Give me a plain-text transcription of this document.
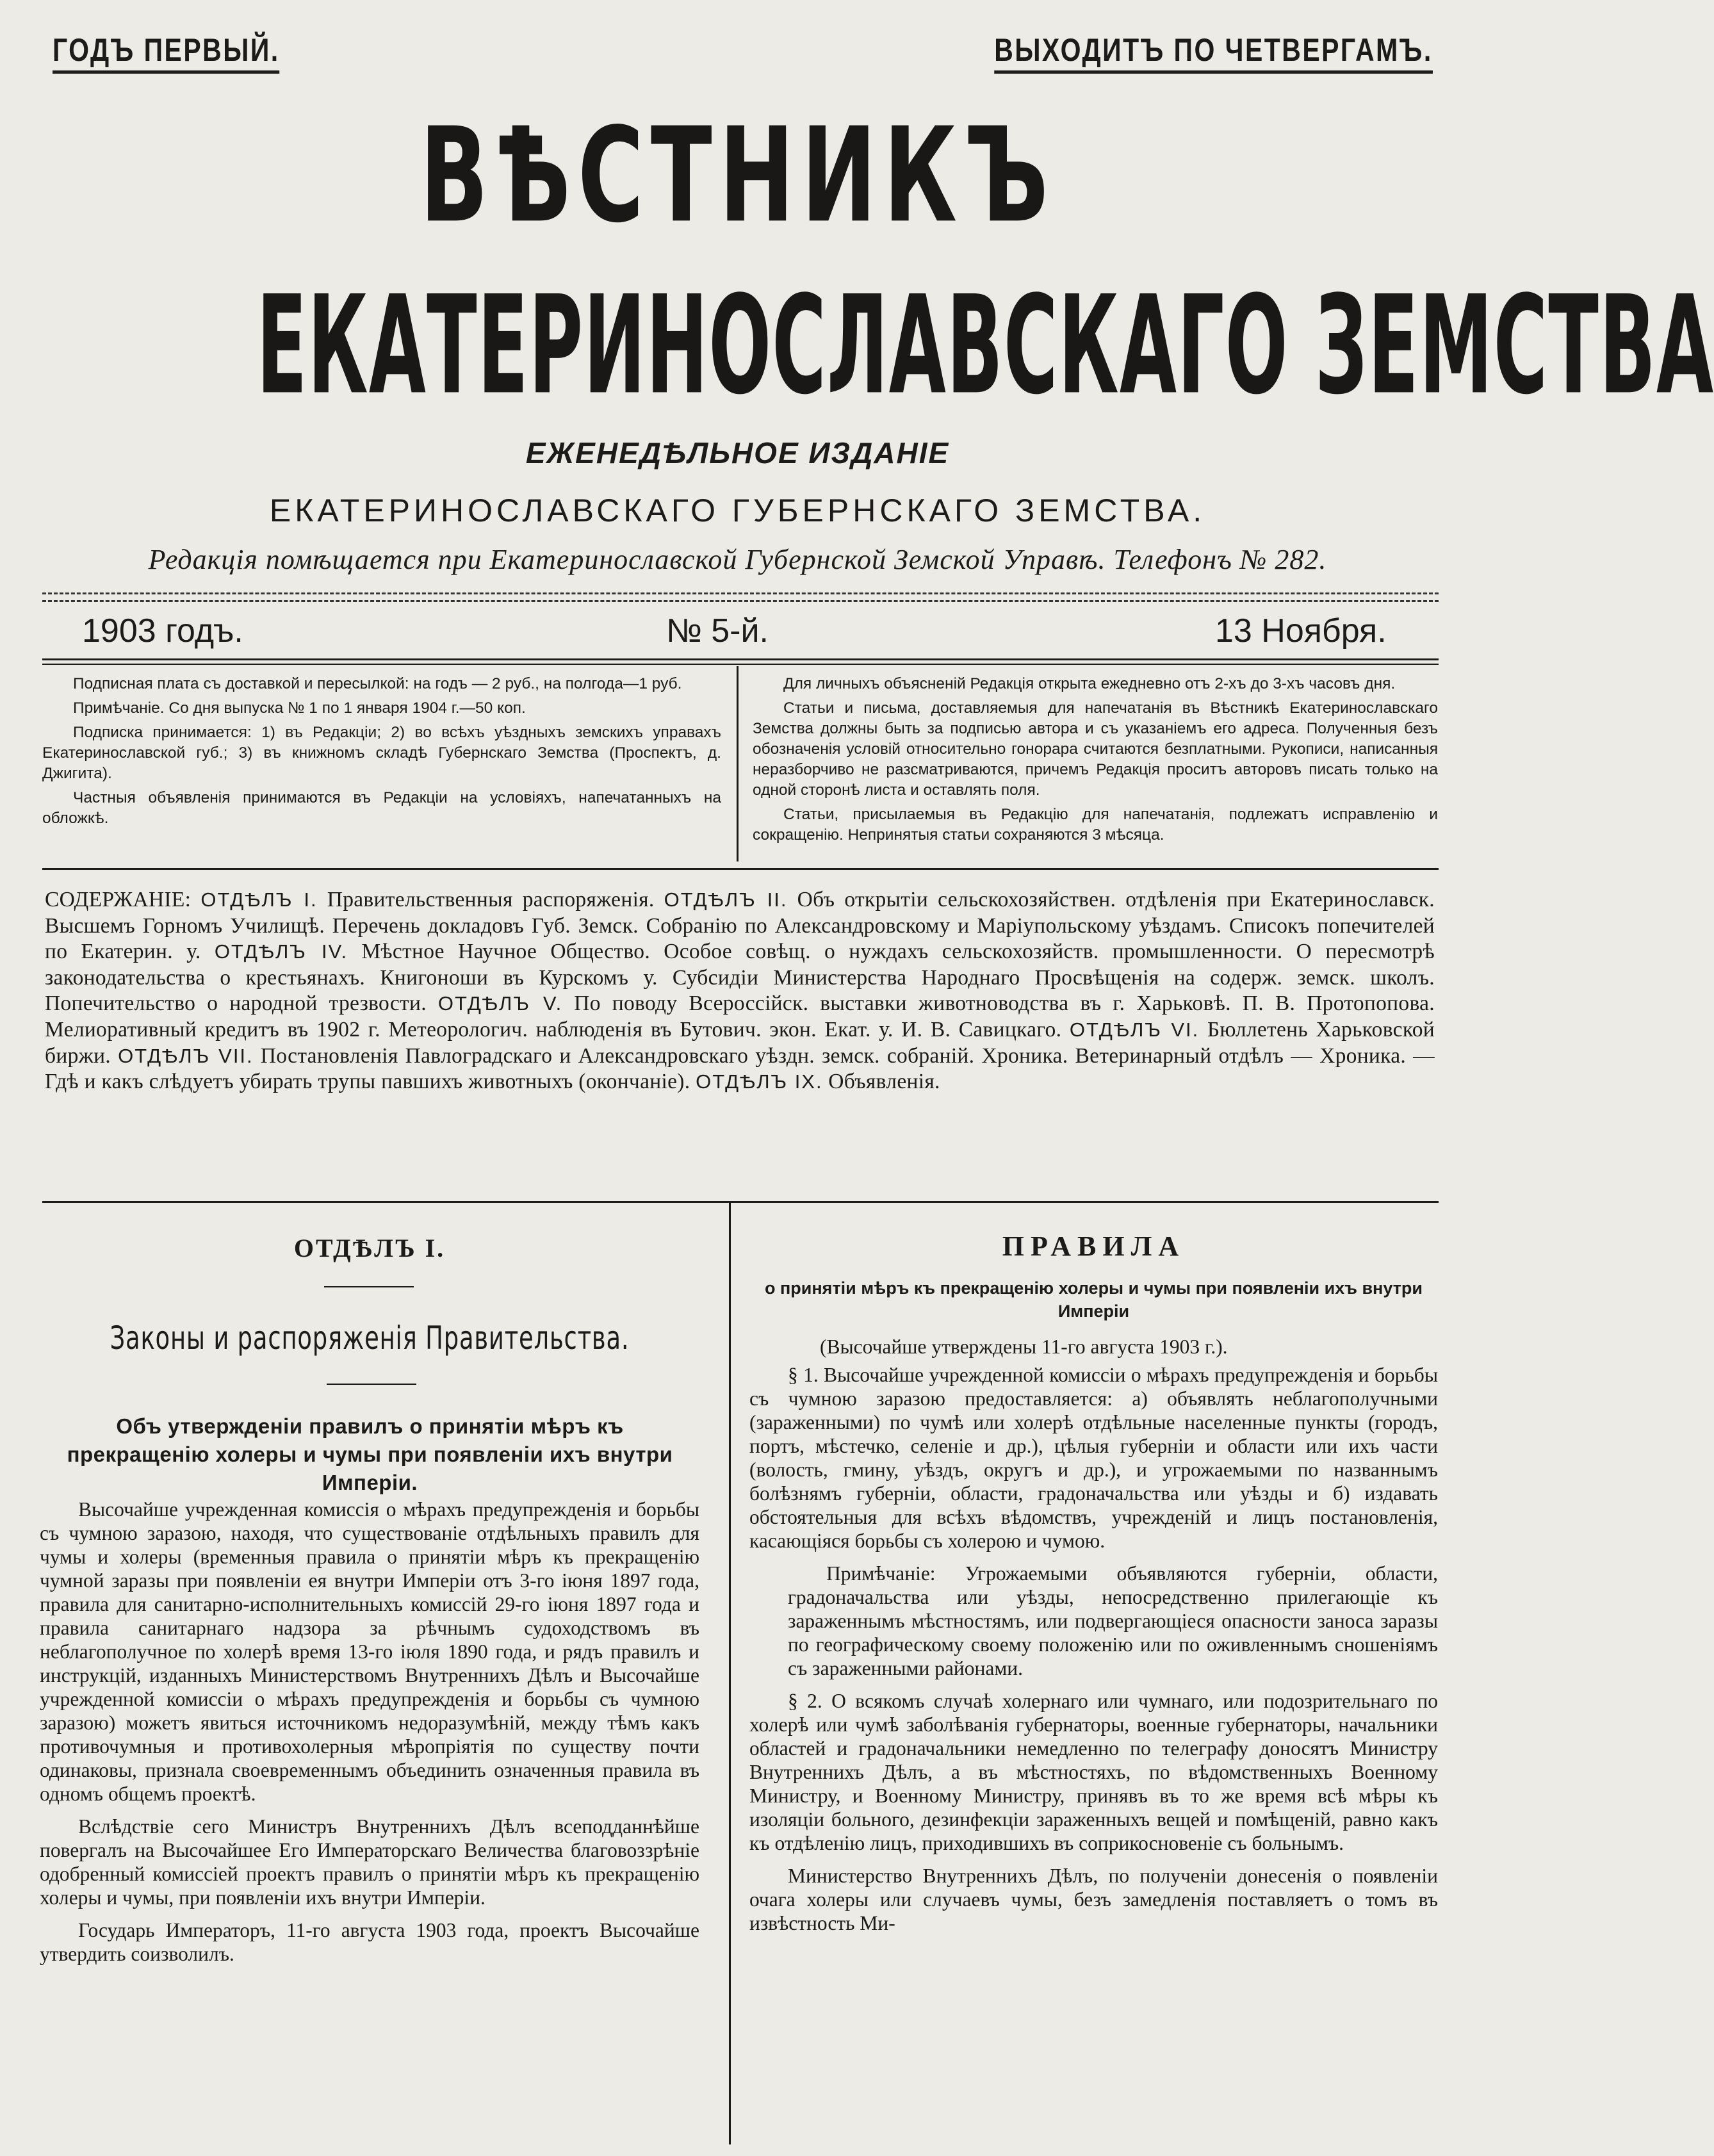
ГОДЪ ПЕРВЫЙ.	ВЫХОДИТЪ ПО ЧЕТВЕРГАМЪ.
ВѢСТНИКЪ
ЕКАТЕРИНОСЛАВСКАГО ЗЕМСТВА
ЕЖЕНЕДѢЛЬНОЕ ИЗДАНІЕ
ЕКАТЕРИНОСЛАВСКАГО ГУБЕРНСКАГО ЗЕМСТВА.
Редакція помѣщается при Екатеринославской Губернской Земской Управѣ. Телефонъ № 282.
1903 годъ.	№ 5-й.	13 Ноября.

Подписная плата съ доставкой и пересылкой: на годъ — 2 руб., на полгода—1 руб.

Примѣчаніе. Со дня выпуска № 1 по 1 января 1904 г.—50 коп.

Подписка принимается: 1) въ Редакціи; 2) во всѣхъ уѣздныхъ земскихъ управахъ Екатеринославской губ.; 3) въ книжномъ складѣ Губернскаго Земства (Проспектъ, д. Джигита).

Частныя объявленія принимаются въ Редакціи на условіяхъ, напечатанныхъ на обложкѣ.

Для личныхъ объясненій Редакція открыта ежедневно отъ 2-хъ до 3-хъ часовъ дня.

Статьи и письма, доставляемыя для напечатанія въ Вѣстникѣ Екатеринославскаго Земства должны быть за подписью автора и съ указаніемъ его адреса. Полученныя безъ обозначенія условій относительно гонорара считаются безплатными. Рукописи, написанныя неразборчиво не разсматриваются, причемъ Редакція проситъ авторовъ писать только на одной сторонѣ листа и оставлять поля.

Статьи, присылаемыя въ Редакцію для напечатанія, подлежатъ исправленію и сокращенію. Непринятыя статьи сохраняются 3 мѣсяца.

СОДЕРЖАНІЕ: ОТДѢЛЪ I. Правительственныя распоряженія. ОТДѢЛЪ II. Объ открытіи сельскохозяйствен. отдѣленія при Екатеринославск. Высшемъ Горномъ Училищѣ. Перечень докладовъ Губ. Земск. Собранію по Александровскому и Маріупольскому уѣздамъ. Списокъ попечителей по Екатерин. у. ОТДѢЛЪ IV. Мѣстное Научное Общество. Особое совѣщ. о нуждахъ сельскохозяйств. промышленности. О пересмотрѣ законодательства о крестьянахъ. Книгоноши въ Курскомъ у. Субсидіи Министерства Народнаго Просвѣщенія на содерж. земск. школъ. Попечительство о народной трезвости. ОТДѢЛЪ V. По поводу Всероссійск. выставки животноводства въ г. Харьковѣ. П. В. Протопопова. Мелиоративный кредитъ въ 1902 г. Метеорологич. наблюденія въ Бутович. экон. Екат. у. И. В. Савицкаго. ОТДѢЛЪ VI. Бюллетень Харьковской биржи. ОТДѢЛЪ VII. Постановленія Павлоградскаго и Александровскаго уѣздн. земск. собраній. Хроника. Ветеринарный отдѣлъ — Хроника. — Гдѣ и какъ слѣдуетъ убирать трупы павшихъ животныхъ (окончаніе). ОТДѢЛЪ IX. Объявленія.
ОТДѢЛЪ I.
Законы и распоряженія Правительства.
Объ утвержденіи правилъ о принятіи мѣръ къ прекращенію холеры и чумы при появленіи ихъ внутри Имперіи.

Высочайше учрежденная комиссія о мѣрахъ предупрежденія и борьбы съ чумною заразою, находя, что существованіе отдѣльныхъ правилъ для чумы и холеры (временныя правила о принятіи мѣръ къ прекращенію чумной заразы при появленіи ея внутри Имперіи отъ 3-го іюня 1897 года, правила для санитарно-исполнительныхъ комиссій 29-го іюня 1897 года и правила санитарнаго надзора за рѣчнымъ судоходствомъ въ неблагополучное по холерѣ время 13-го іюля 1890 года, и рядъ правилъ и инструкцій, изданныхъ Министерствомъ Внутреннихъ Дѣлъ и Высочайше учрежденной комиссіи о мѣрахъ предупрежденія и борьбы съ чумною заразою) можетъ явиться источникомъ недоразумѣній, между тѣмъ какъ противочумныя и противохолерныя мѣропріятія по существу почти одинаковы, признала своевременнымъ объединить означенныя правила въ одномъ общемъ проектѣ.

Вслѣдствіе сего Министръ Внутреннихъ Дѣлъ всеподданнѣйше повергалъ на Высочайшее Его Императорскаго Величества благовоззрѣніе одобренный комиссіей проектъ правилъ о принятіи мѣръ къ прекращенію холеры и чумы, при появленіи ихъ внутри Имперіи.

Государь Императоръ, 11-го августа 1903 года, проектъ Высочайше утвердить соизволилъ.

ПРАВИЛА
о принятіи мѣръ къ прекращенію холеры и чумы при появленіи ихъ внутри Имперіи
(Высочайше утверждены 11-го августа 1903 г.).

§ 1. Высочайше учрежденной комиссіи о мѣрахъ предупрежденія и борьбы съ чумною заразою предоставляется: а) объявлять неблагополучными (зараженными) по чумѣ или холерѣ отдѣльные населенные пункты (городъ, портъ, мѣстечко, селеніе и др.), цѣлыя губерніи и области или ихъ части (волость, гмину, уѣздъ, округъ и др.), и угрожаемыми по названнымъ болѣзнямъ губерніи, области, градоначальства или уѣзды и б) издавать обстоятельныя для всѣхъ вѣдомствъ, учрежденій и лицъ постановленія, касающіяся борьбы съ холерою и чумою.

Примѣчаніе: Угрожаемыми объявляются губерніи, области, градоначальства или уѣзды, непосредственно прилегающіе къ зараженнымъ мѣстностямъ, или подвергающіеся опасности заноса заразы по географическому своему положенію или по оживленнымъ сношеніямъ съ зараженными районами.

§ 2. О всякомъ случаѣ холернаго или чумнаго, или подозрительнаго по холерѣ или чумѣ заболѣванія губернаторы, военные губернаторы, начальники областей и градоначальники немедленно по телеграфу доносятъ Министру Внутреннихъ Дѣлъ, а въ мѣстностяхъ, по вѣдомственныхъ Военному Министру, и Военному Министру, принявъ въ то же время всѣ мѣры къ изоляціи больного, дезинфекціи зараженныхъ вещей и помѣщеній, равно какъ къ отдѣленію лицъ, приходившихъ въ соприкосновеніе съ больнымъ.

Министерство Внутреннихъ Дѣлъ, по полученіи донесенія о появленіи очага холеры или случаевъ чумы, безъ замедленія поставляетъ о томъ въ извѣстность Ми-
